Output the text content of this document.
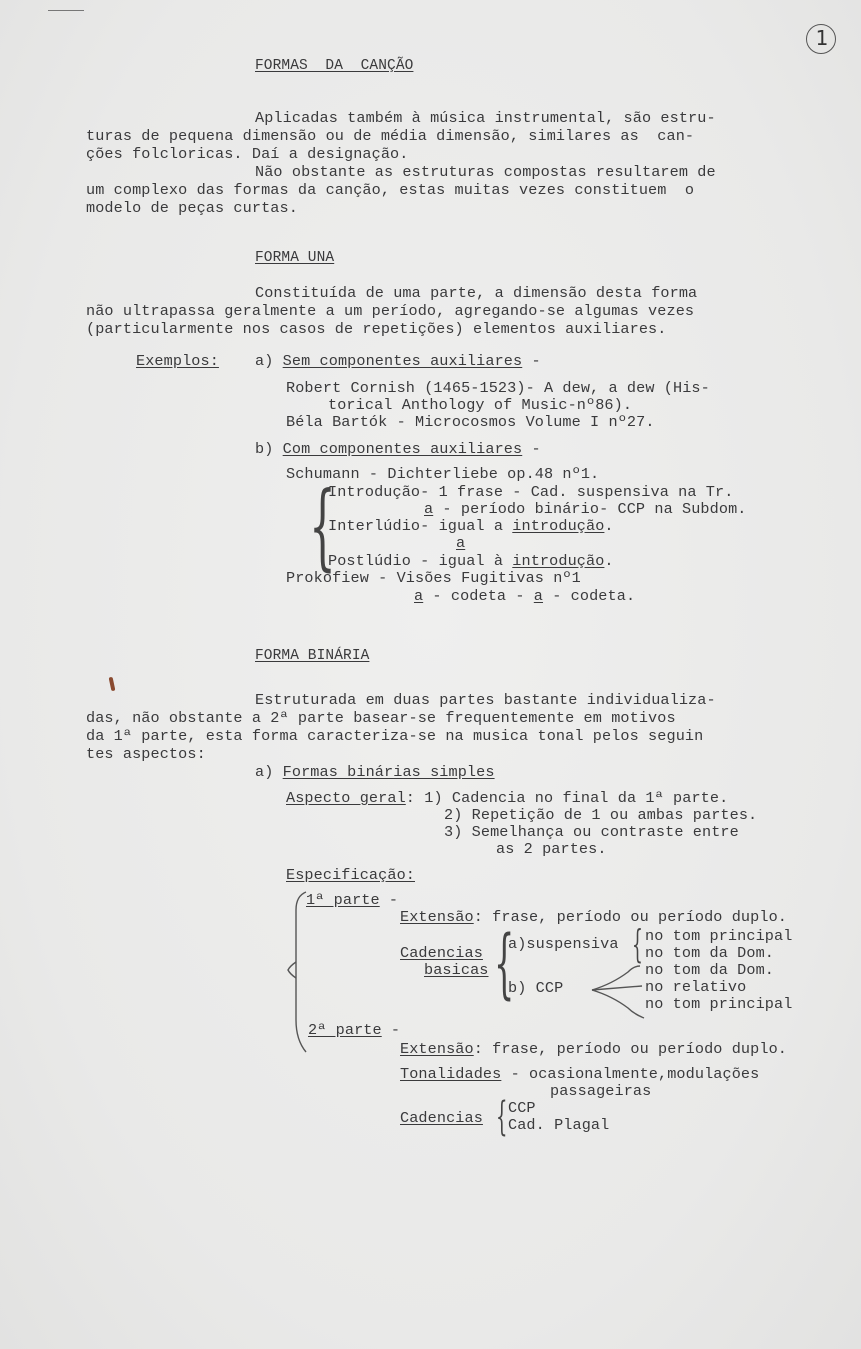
1
FORMAS  DA  CANÇÃO
Aplicadas também à música instrumental, são estru-
turas de pequena dimensão ou de média dimensão, similares as  can-
ções folcloricas. Daí a designação.
Não obstante as estruturas compostas resultarem de
um complexo das formas da canção, estas muitas vezes constituem  o
modelo de peças curtas.
FORMA UNA
Constituída de uma parte, a dimensão desta forma
não ultrapassa geralmente a um período, agregando-se algumas vezes
(particularmente nos casos de repetições) elementos auxiliares.
Exemplos: a) Sem componentes auxiliares -
Robert Cornish (1465-1523)- A dew, a dew (His-
torical Anthology of Music-nº86).
Béla Bartók - Microcosmos Volume I nº27.
b) Com componentes auxiliares -
Schumann - Dichterliebe op.48 nº1.
{
Introdução- 1 frase - Cad. suspensiva na Tr.
a - período binário- CCP na Subdom.
Interlúdio- igual a introdução.
a
Postlúdio - igual à introdução.
Prokofiew - Visões Fugitivas nº1
a - codeta - a - codeta.
FORMA BINÁRIA
Estruturada em duas partes bastante individualiza-
das, não obstante a 2ª parte basear-se frequentemente em motivos
da 1ª parte, esta forma caracteriza-se na musica tonal pelos seguin
tes aspectos:
a) Formas binárias simples
Aspecto geral: 1) Cadencia no final da 1ª parte.
2) Repetição de 1 ou ambas partes.
3) Semelhança ou contraste entre
as 2 partes.
Especificação:
1ª parte -
Extensão: frase, período ou período duplo.
Cadencias
basicas {
a)suspensiva { no tom principal
no tom da Dom.
b) CCP
no tom da Dom.
no relativo
no tom principal
2ª parte -
Extensão: frase, período ou período duplo.
Tonalidades - ocasionalmente,modulações
passageiras
Cadencias { CCP
Cad. Plagal
